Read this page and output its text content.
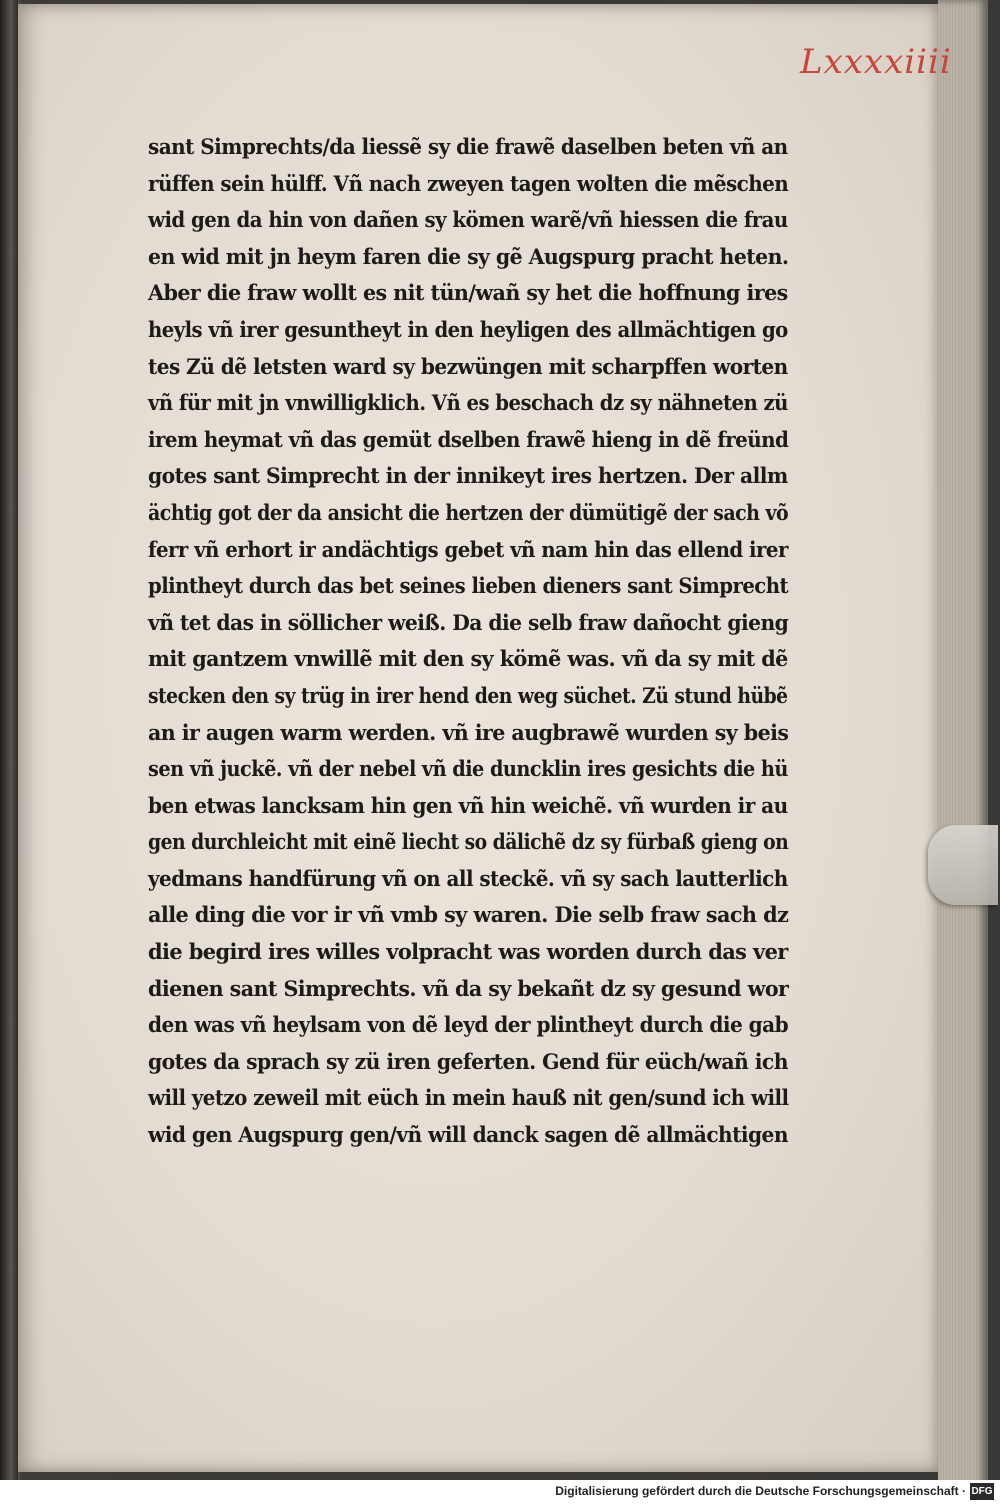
Lxxxxiiii
sant Simprechts/da liessẽ sy die frawẽ daselben beten vñ an
rüffen sein hülff. Vñ nach zweyen tagen wolten die mẽschen
wid gen da hin von dañen sy kömen warẽ/vñ hiessen die frau
en wid mit jn heym faren die sy gẽ Augspurg pracht heten.
Aber die fraw wollt es nit tün/wañ sy het die hoffnung ires
heyls vñ irer gesuntheyt in den heyligen des allmächtigen go
tes Zü dẽ letsten ward sy bezwüngen mit scharpffen worten
vñ für mit jn vnwilligklich. Vñ es beschach dz sy nähneten zü
irem heymat vñ das gemüt dselben frawẽ hieng in dẽ freünd
gotes sant Simprecht in der innikeyt ires hertzen. Der allm
ächtig got der da ansicht die hertzen der dümütigẽ der sach võ
ferr vñ erhort ir andächtigs gebet vñ nam hin das ellend irer
plintheyt durch das bet seines lieben dieners sant Simprecht
vñ tet das in söllicher weiß. Da die selb fraw dañocht gieng
mit gantzem vnwillẽ mit den sy kömẽ was. vñ da sy mit dẽ
stecken den sy trüg in irer hend den weg süchet. Zü stund hübẽ
an ir augen warm werden. vñ ire augbrawẽ wurden sy beis
sen vñ juckẽ. vñ der nebel vñ die duncklin ires gesichts die hü
ben etwas lancksam hin gen vñ hin weichẽ. vñ wurden ir au
gen durchleicht mit einẽ liecht so dälichẽ dz sy fürbaß gieng on
yedmans handfürung vñ on all steckẽ. vñ sy sach lautterlich
alle ding die vor ir vñ vmb sy waren. Die selb fraw sach dz
die begird ires willes volpracht was worden durch das ver
dienen sant Simprechts. vñ da sy bekañt dz sy gesund wor
den was vñ heylsam von dẽ leyd der plintheyt durch die gab
gotes da sprach sy zü iren geferten. Gend für eüch/wañ ich
will yetzo zeweil mit eüch in mein hauß nit gen/sund ich will
wid gen Augspurg gen/vñ will danck sagen dẽ allmächtigen
Digitalisierung gefördert durch die Deutsche Forschungsgemeinschaft · DFG
